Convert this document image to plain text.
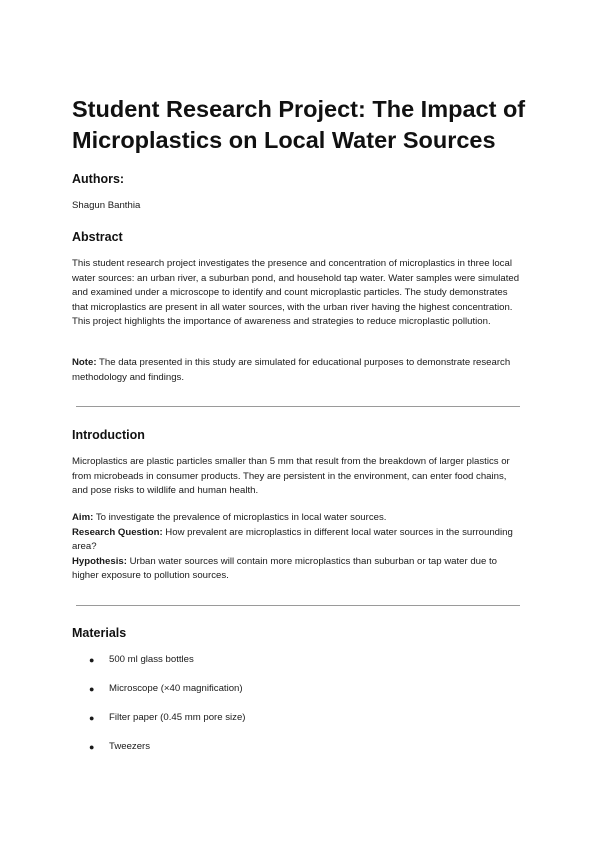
Student Research Project: The Impact of Microplastics on Local Water Sources
Authors:

Shagun Banthia

Abstract

This student research project investigates the presence and concentration of microplastics in three local water sources: an urban river, a suburban pond, and household tap water. Water samples were simulated and examined under a microscope to identify and count microplastic particles. The study demonstrates that microplastics are present in all water sources, with the urban river having the highest concentration. This project highlights the importance of awareness and strategies to reduce microplastic pollution.

Note: The data presented in this study are simulated for educational purposes to demonstrate research methodology and findings.

Introduction

Microplastics are plastic particles smaller than 5 mm that result from the breakdown of larger plastics or from microbeads in consumer products. They are persistent in the environment, can enter food chains, and pose risks to wildlife and human health.

Aim: To investigate the prevalence of microplastics in local water sources.
Research Question: How prevalent are microplastics in different local water sources in the surrounding area?
Hypothesis: Urban water sources will contain more microplastics than suburban or tap water due to higher exposure to pollution sources.

Materials
● 500 ml glass bottles
● Microscope (×40 magnification)
● Filter paper (0.45 mm pore size)
● Tweezers
